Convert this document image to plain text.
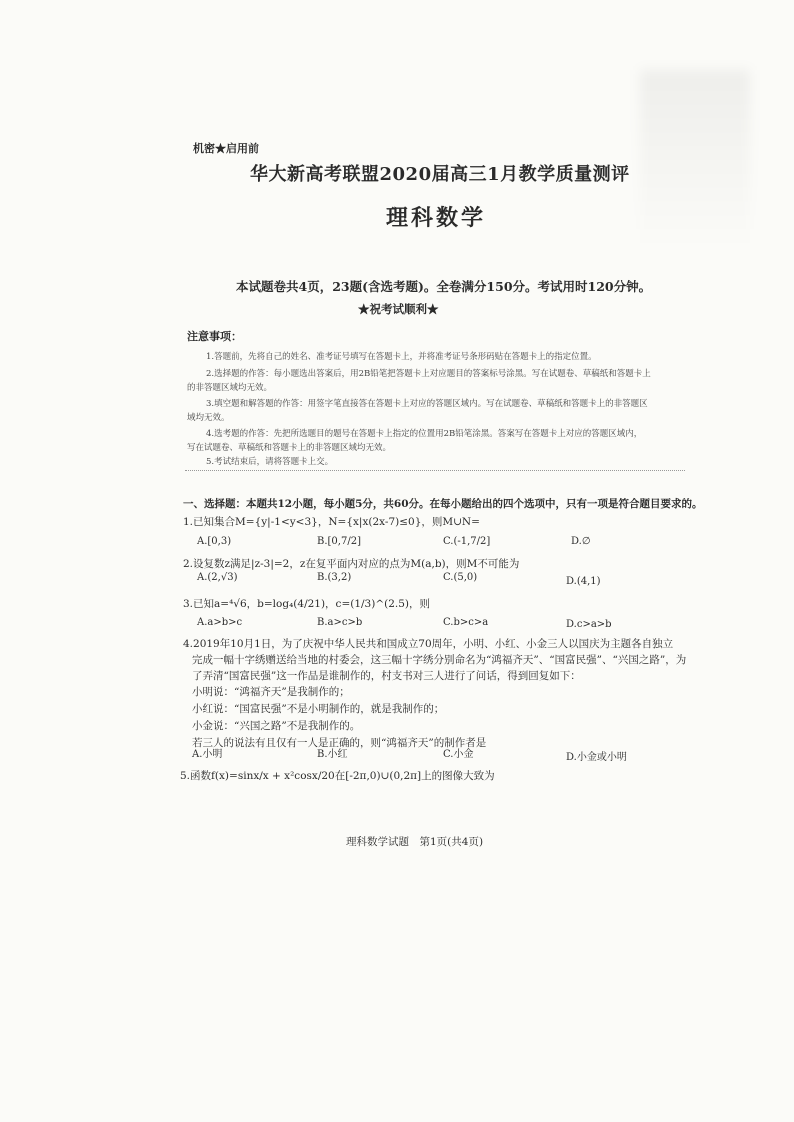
机密★启用前
华大新高考联盟2020届高三1月教学质量测评
理科数学
本试题卷共4页，23题(含选考题)。全卷满分150分。考试用时120分钟。
★祝考试顺利★
注意事项：
1.答题前，先将自己的姓名、准考证号填写在答题卡上，并将准考证号条形码贴在答题卡上的指定位置。
2.选择题的作答：每小题选出答案后，用2B铅笔把答题卡上对应题目的答案标号涂黑。写在试题卷、草稿纸和答题卡上
的非答题区域均无效。
3.填空题和解答题的作答：用签字笔直接答在答题卡上对应的答题区域内。写在试题卷、草稿纸和答题卡上的非答题区
域均无效。
4.选考题的作答：先把所选题目的题号在答题卡上指定的位置用2B铅笔涂黑。答案写在答题卡上对应的答题区域内，
写在试题卷、草稿纸和答题卡上的非答题区域均无效。
5.考试结束后，请将答题卡上交。
一、选择题：本题共12小题，每小题5分，共60分。在每小题给出的四个选项中，只有一项是符合题目要求的。
1.已知集合M={y|-1<y<3}，N={x|x(2x-7)≤0}，则M∪N=
A.[0,3)	B.[0,7/2]	C.(-1,7/2]	D.∅
2.设复数z满足|z-3|=2，z在复平面内对应的点为M(a,b)，则M不可能为
A.(2,√3)	B.(3,2)	C.(5,0)	D.(4,1)
3.已知a=⁴√6，b=log₄(4/21)，c=(1/3)^(2.5)，则
A.a>b>c	B.a>c>b	C.b>c>a	D.c>a>b
4.2019年10月1日，为了庆祝中华人民共和国成立70周年，小明、小红、小金三人以国庆为主题各自独立
完成一幅十字绣赠送给当地的村委会，这三幅十字绣分别命名为“鸿福齐天”、“国富民强”、“兴国之路”，为
了弄清“国富民强”这一作品是谁制作的，村支书对三人进行了问话，得到回复如下：
小明说：“鸿福齐天”是我制作的；
小红说：“国富民强”不是小明制作的，就是我制作的；
小金说：“兴国之路”不是我制作的。
若三人的说法有且仅有一人是正确的，则“鸿福齐天”的制作者是
A.小明	B.小红	C.小金	D.小金或小明
5.函数f(x)=sinx/x + x²cosx/20在[-2π,0)∪(0,2π]上的图像大致为
理科数学试题　第1页(共4页)
